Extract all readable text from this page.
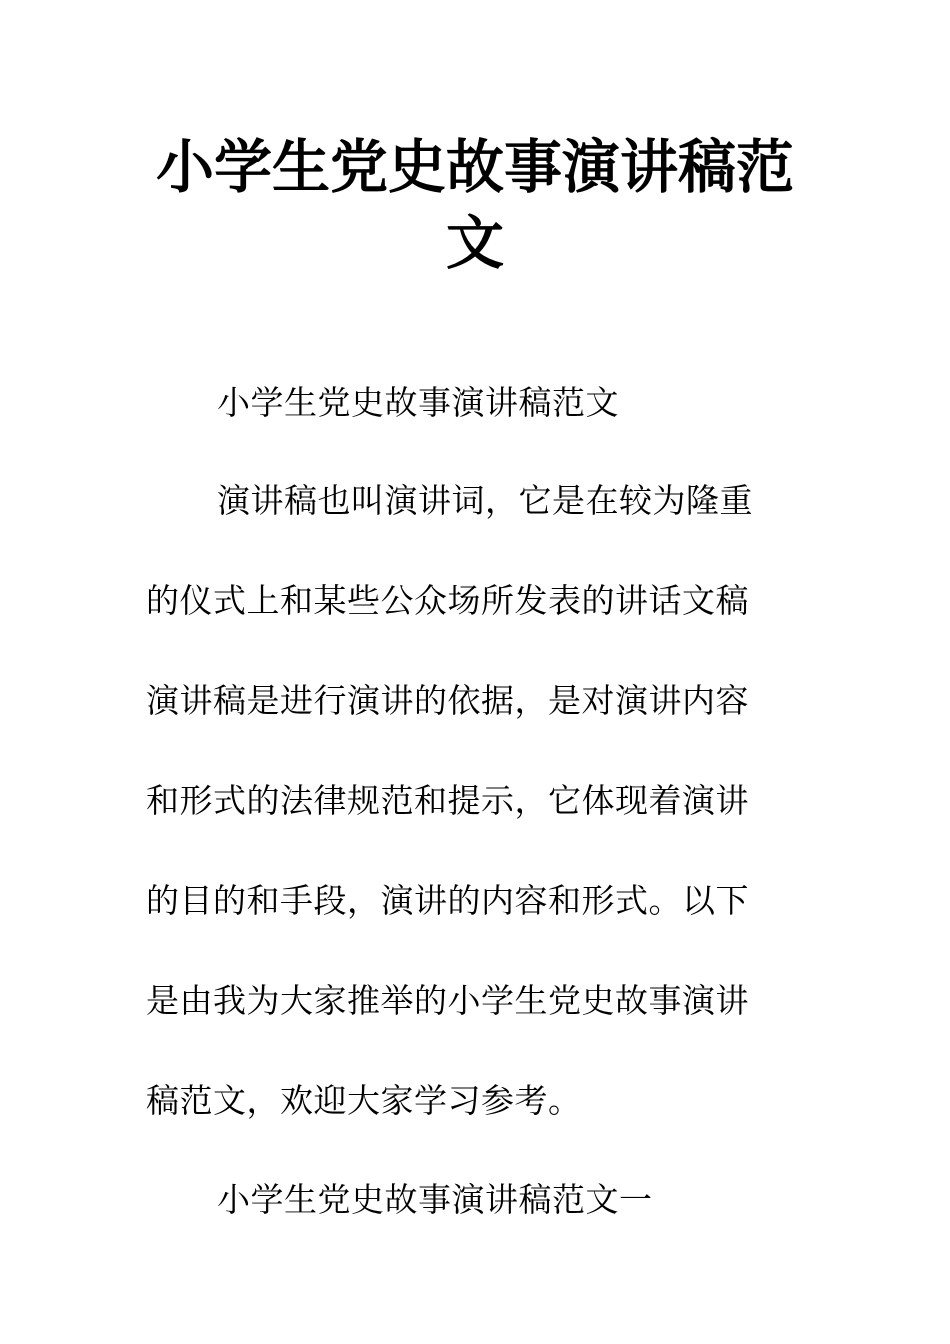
小学生党史故事演讲稿范
文
小学生党史故事演讲稿范文
演讲稿也叫演讲词，它是在较为隆重
的仪式上和某些公众场所发表的讲话文稿
演讲稿是进行演讲的依据，是对演讲内容
和形式的法律规范和提示，它体现着演讲
的目的和手段，演讲的内容和形式。以下
是由我为大家推举的小学生党史故事演讲
稿范文，欢迎大家学习参考。
小学生党史故事演讲稿范文一
